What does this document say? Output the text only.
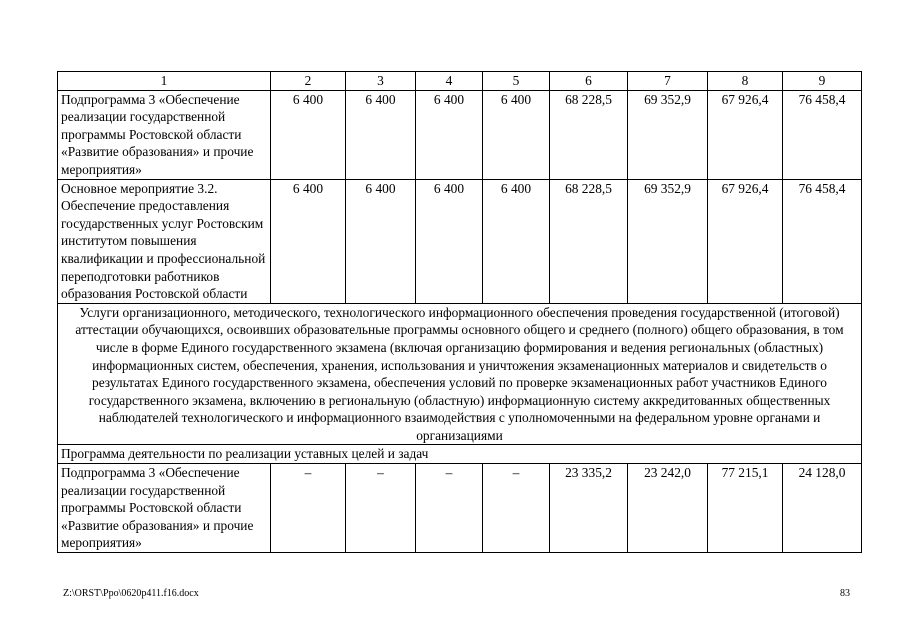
1	2	3	4	5	6	7	8	9
Подпрограмма 3 «Обеспечение реализации государственной программы Ростовской области «Развитие образования» и прочие мероприятия»	6 400	6 400	6 400	6 400	68 228,5	69 352,9	67 926,4	76 458,4
Основное мероприятие 3.2. Обеспечение предоставления государственных услуг Ростовским институтом повышения квалификации и профессиональной переподготовки работников образования Ростовской области	6 400	6 400	6 400	6 400	68 228,5	69 352,9	67 926,4	76 458,4
Услуги организационного, методического, технологического информационного обеспечения проведения государственной (итоговой) аттестации обучающихся, освоивших образовательные программы основного общего и среднего (полного) общего образования, в том числе в форме Единого государственного экзамена (включая организацию формирования и ведения региональных (областных) информационных систем, обеспечения, хранения, использования и уничтожения экзаменационных материалов и свидетельств о результатах Единого государственного экзамена, обеспечения условий по проверке экзаменационных работ участников Единого государственного экзамена, включению в региональную (областную) информационную систему аккредитованных общественных наблюдателей технологического и информационного взаимодействия с уполномоченными на федеральном уровне органами и организациями								
Программа деятельности по реализации уставных целей и задач								
Подпрограмма 3 «Обеспечение реализации государственной программы Ростовской области «Развитие образования» и прочие мероприятия»	–	–	–	–	23 335,2	23 242,0	77 215,1	24 128,0
Z:\ORST\Ppo\0620p411.f16.docx	83
